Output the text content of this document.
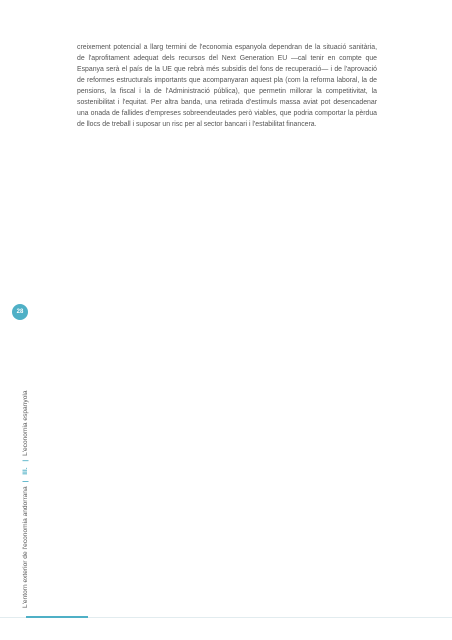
creixement potencial a llarg termini de l'economia espanyola dependran de la situació sanitària, de l'aprofitament adequat dels recursos del Next Generation EU —cal tenir en compte que Espanya serà el país de la UE que rebrà més subsidis del fons de recuperació— i de l'aprovació de reformes estructurals importants que acompanyaran aquest pla (com la reforma laboral, la de pensions, la fiscal i la de l'Administració pública), que permetin millorar la competitivitat, la sostenibilitat i l'equitat. Per altra banda, una retirada d'estímuls massa aviat pot desencadenar una onada de fallides d'empreses sobreendeutades però viables, que podria comportar la pèrdua de llocs de treball i suposar un risc per al sector bancari i l'estabilitat financera.

28
L'entorn exterior de l'economia andorrana | III. | L'economia espanyola
